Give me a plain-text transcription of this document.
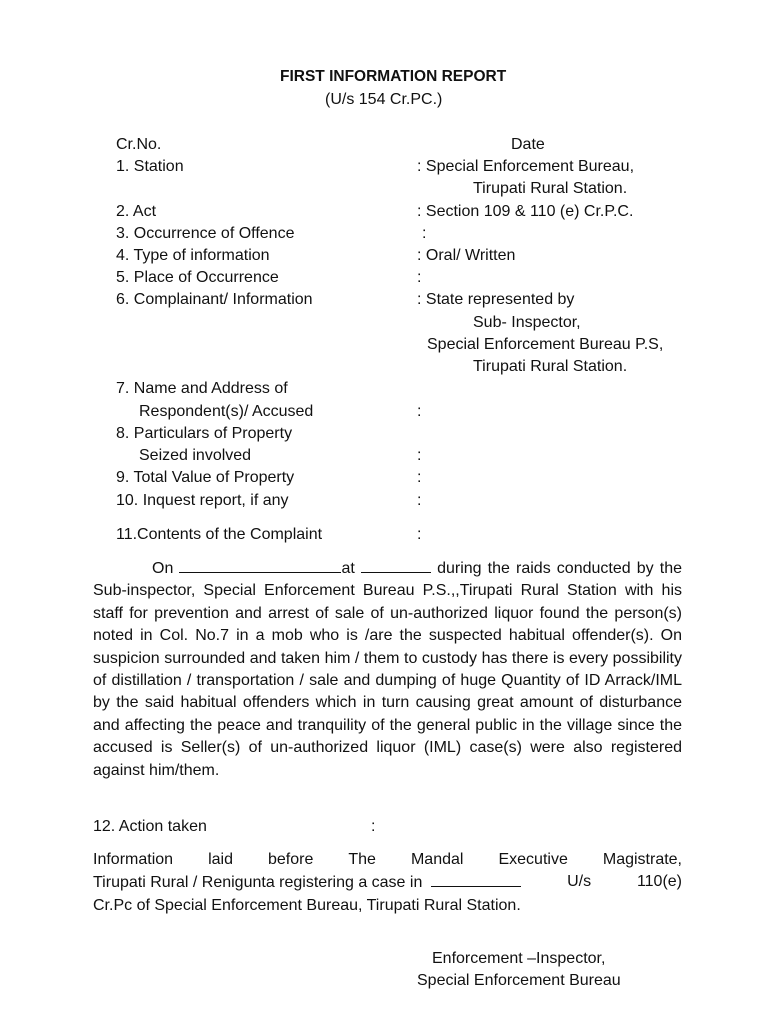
FIRST INFORMATION REPORT
(U/s 154 Cr.PC.)
Cr.No.	Date
1. Station	: Special Enforcement Bureau,
Tirupati Rural Station.
2. Act	: Section 109 & 110 (e) Cr.P.C.
3. Occurrence of Offence	:
4. Type of information	: Oral/ Written
5. Place of Occurrence	:
6. Complainant/ Information	: State represented by
Sub- Inspector,
Special Enforcement Bureau P.S,
Tirupati Rural Station.
7. Name and Address of
Respondent(s)/ Accused	:
8. Particulars of Property
Seized involved	:
9. Total Value of Property	:
10. Inquest report, if any	:
11.Contents of the Complaint	:
On	at	during the raids conducted by the Sub-inspector, Special Enforcement Bureau P.S.,,Tirupati Rural Station with his staff for prevention and arrest of sale of un-authorized liquor found the person(s) noted in Col. No.7 in a mob who is /are the suspected habitual offender(s). On suspicion surrounded and taken him / them to custody has there is every possibility of distillation / transportation / sale and dumping of huge Quantity of ID Arrack/IML by the said habitual offenders which in turn causing great amount of disturbance and affecting the peace and tranquility of the general public in the village since the accused is Seller(s) of un-authorized liquor (IML) case(s) were also registered against him/them.
12. Action taken	:
Information laid before The Mandal Executive Magistrate,
Tirupati Rural / Renigunta registering a case in	U/s	110(e)
Cr.Pc of Special Enforcement Bureau, Tirupati Rural Station.
Enforcement –Inspector,
Special Enforcement Bureau
